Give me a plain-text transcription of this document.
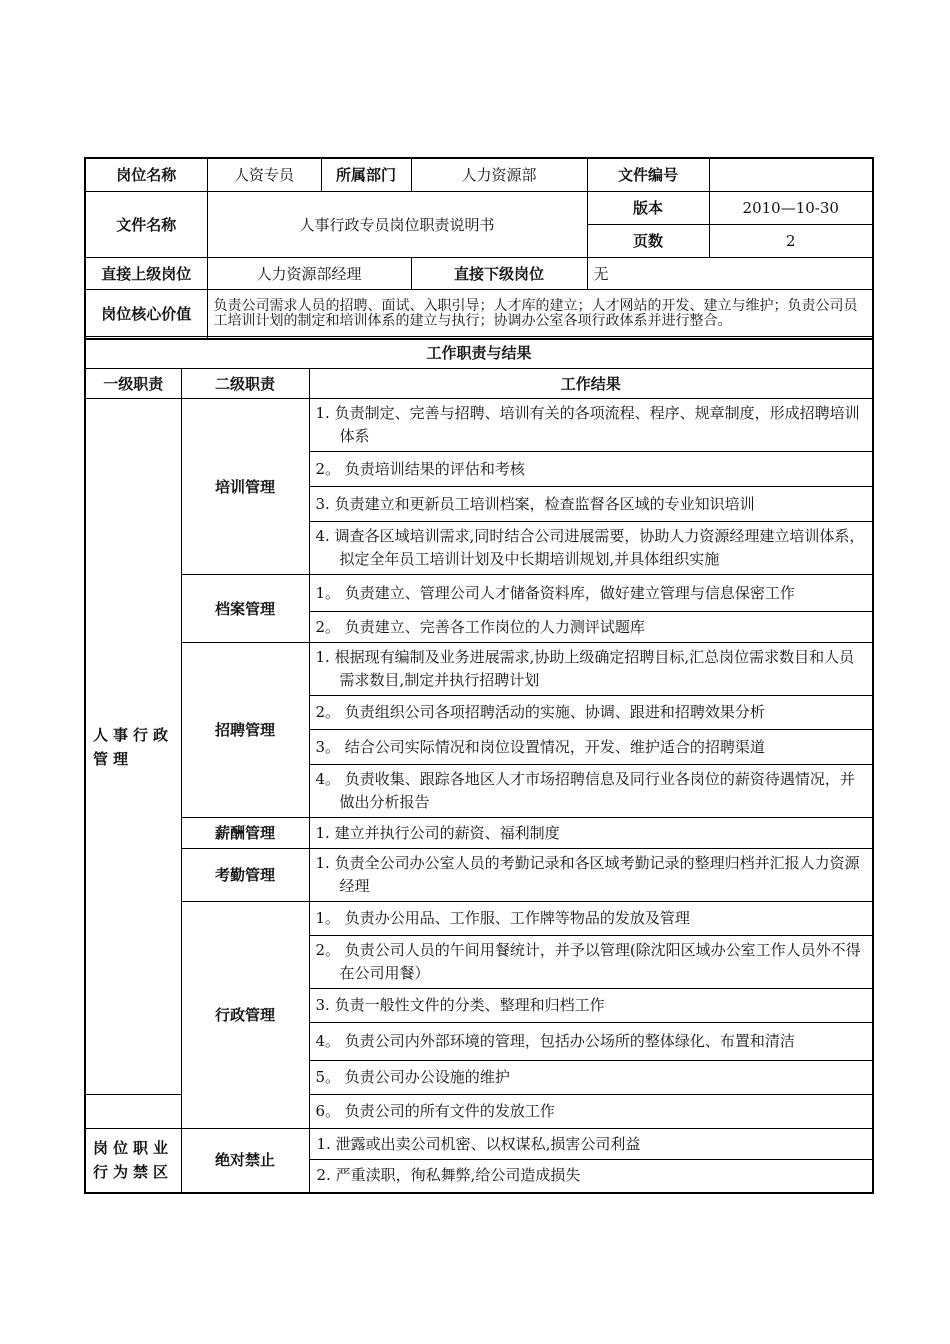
岗位名称	人资专员	所属部门	人力资源部	文件编号	
文件名称	人事行政专员岗位职责说明书			版本	2010—10-30
				页数	2
直接上级岗位	人力资源部经理		直接下级岗位	无	
岗位核心价值	负责公司需求人员的招聘、面试、入职引导；人才库的建立；人才网站的开发、建立与维护；负责公司员工培训计划的制定和培训体系的建立与执行；协调办公室各项行政体系并进行整合。				
工作职责与结果		
一级职责	二级职责	工作结果
人事行政管理	培训管理	1. 负责制定、完善与招聘、培训有关的各项流程、程序、规章制度，形成招聘培训体系
		2。 负责培训结果的评估和考核
		3. 负责建立和更新员工培训档案，检查监督各区域的专业知识培训
		4. 调查各区域培训需求,同时结合公司进展需要，协助人力资源经理建立培训体系，拟定全年员工培训计划及中长期培训规划,并具体组织实施
	档案管理	1。 负责建立、管理公司人才储备资料库，做好建立管理与信息保密工作
		2。 负责建立、完善各工作岗位的人力测评试题库
	招聘管理	1. 根据现有编制及业务进展需求,协助上级确定招聘目标,汇总岗位需求数目和人员需求数目,制定并执行招聘计划
		2。 负责组织公司各项招聘活动的实施、协调、跟进和招聘效果分析
		3。 结合公司实际情况和岗位设置情况，开发、维护适合的招聘渠道
		4。 负责收集、跟踪各地区人才市场招聘信息及同行业各岗位的薪资待遇情况，并做出分析报告
	薪酬管理	1. 建立并执行公司的薪资、福利制度
	考勤管理	1. 负责全公司办公室人员的考勤记录和各区域考勤记录的整理归档并汇报人力资源经理
	行政管理	1。 负责办公用品、工作服、工作牌等物品的发放及管理
		2。 负责公司人员的午间用餐统计，并予以管理(除沈阳区域办公室工作人员外不得在公司用餐）
		3. 负责一般性文件的分类、整理和归档工作
		4。 负责公司内外部环境的管理，包括办公场所的整体绿化、布置和清洁
		5。 负责公司办公设施的维护
		6。 负责公司的所有文件的发放工作
岗位职业行为禁区	绝对禁止	1. 泄露或出卖公司机密、以权谋私,损害公司利益
		2. 严重渎职，徇私舞弊,给公司造成损失
